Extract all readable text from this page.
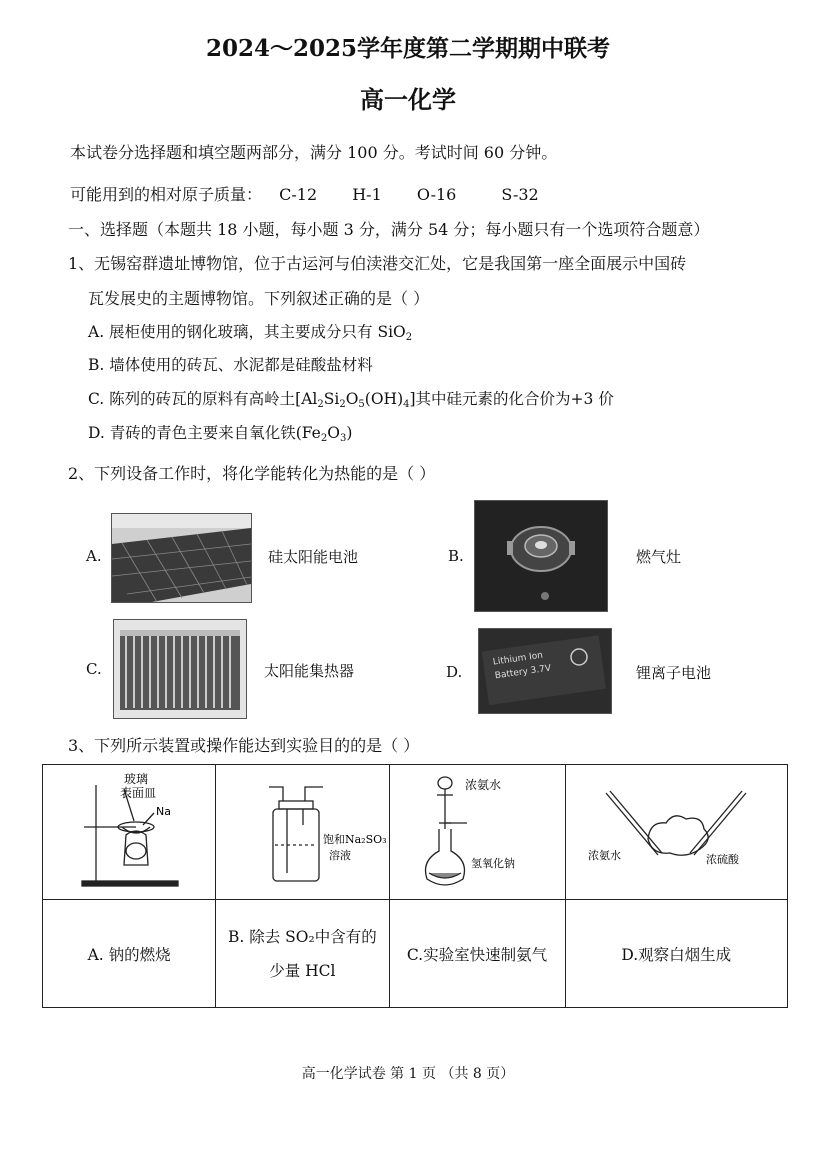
2024～2025学年度第二学期期中联考
高一化学
本试卷分选择题和填空题两部分，满分 100 分。考试时间 60 分钟。
可能用到的相对原子质量： C-12 H-1 O-16	S-32
一、选择题（本题共 18 小题，每小题 3 分，满分 54 分；每小题只有一个选项符合题意）
1、无锡窑群遗址博物馆，位于古运河与伯渎港交汇处，它是我国第一座全面展示中国砖
瓦发展史的主题博物馆。下列叙述正确的是（ ）
A. 展柜使用的钢化玻璃，其主要成分只有 SiO$_2$
B. 墙体使用的砖瓦、水泥都是硅酸盐材料
C. 陈列的砖瓦的原料有高岭土$[Al_2Si_2O_5(OH)_4]$其中硅元素的化合价为+3 价
D. 青砖的青色主要来自氧化铁$(Fe_2O_3)$
2、下列设备工作时，将化学能转化为热能的是（ ）
A.	硅太阳能电池	B.	燃气灶
C.	太阳能集热器	D.
Lithium Ion
Battery 3.7V	锂离子电池
3、下列所示装置或操作能达到实验目的的是（ ）
玻璃
表面皿
Na	饱和Na₂SO₃
溶液	浓氨水
氢氧化钠	浓氨水 浓硫酸

A. 钠的燃烧	B. 除去 SO₂中含有的
少量 HCl	C.实验室快速制氨气	D.观察白烟生成
高一化学试卷 第 1 页 （共 8 页）
